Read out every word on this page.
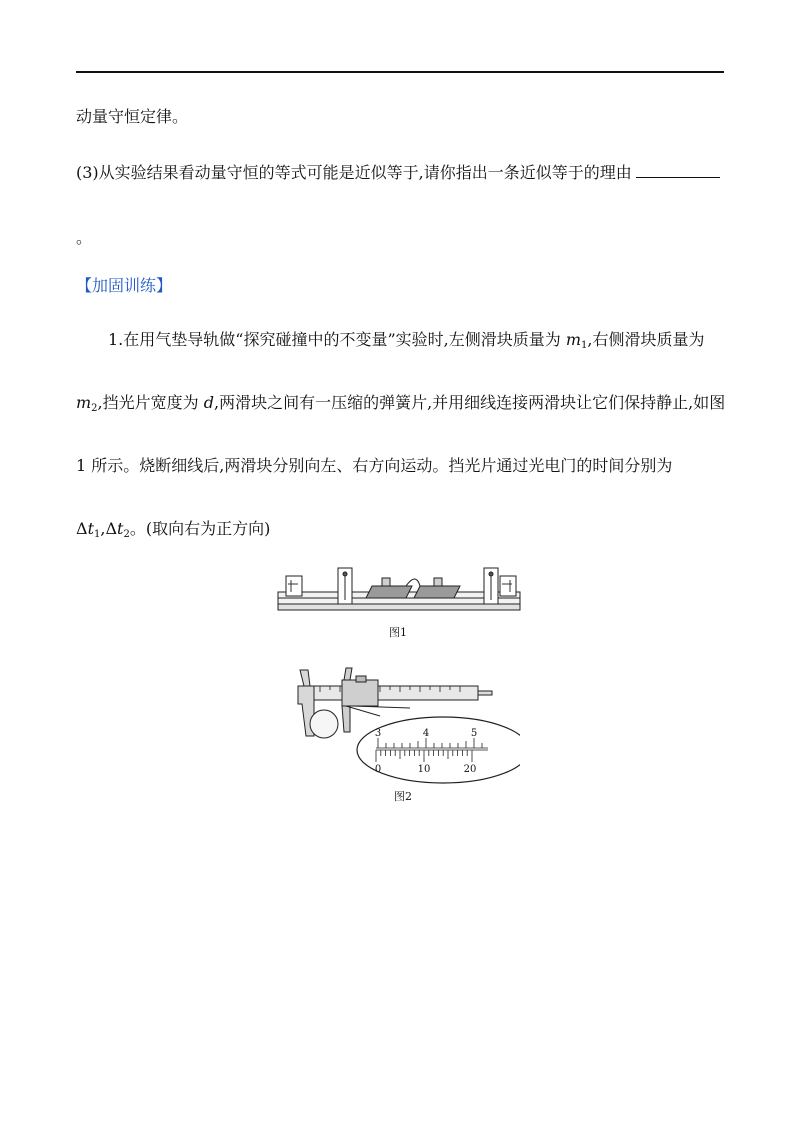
动量守恒定律。
(3)从实验结果看动量守恒的等式可能是近似等于,请你指出一条近似等于的理由
。
【加固训练】
1.在用气垫导轨做“探究碰撞中的不变量”实验时,左侧滑块质量为 $m_1$,右侧滑块质量为
$m_2$,挡光片宽度为 d,两滑块之间有一压缩的弹簧片,并用细线连接两滑块让它们保持静止,如图
1 所示。烧断细线后,两滑块分别向左、右方向运动。挡光片通过光电门的时间分别为
$\Delta t_1,\Delta t_2$。(取向右为正方向)
图1
3	4	5
0	10	20
图2
